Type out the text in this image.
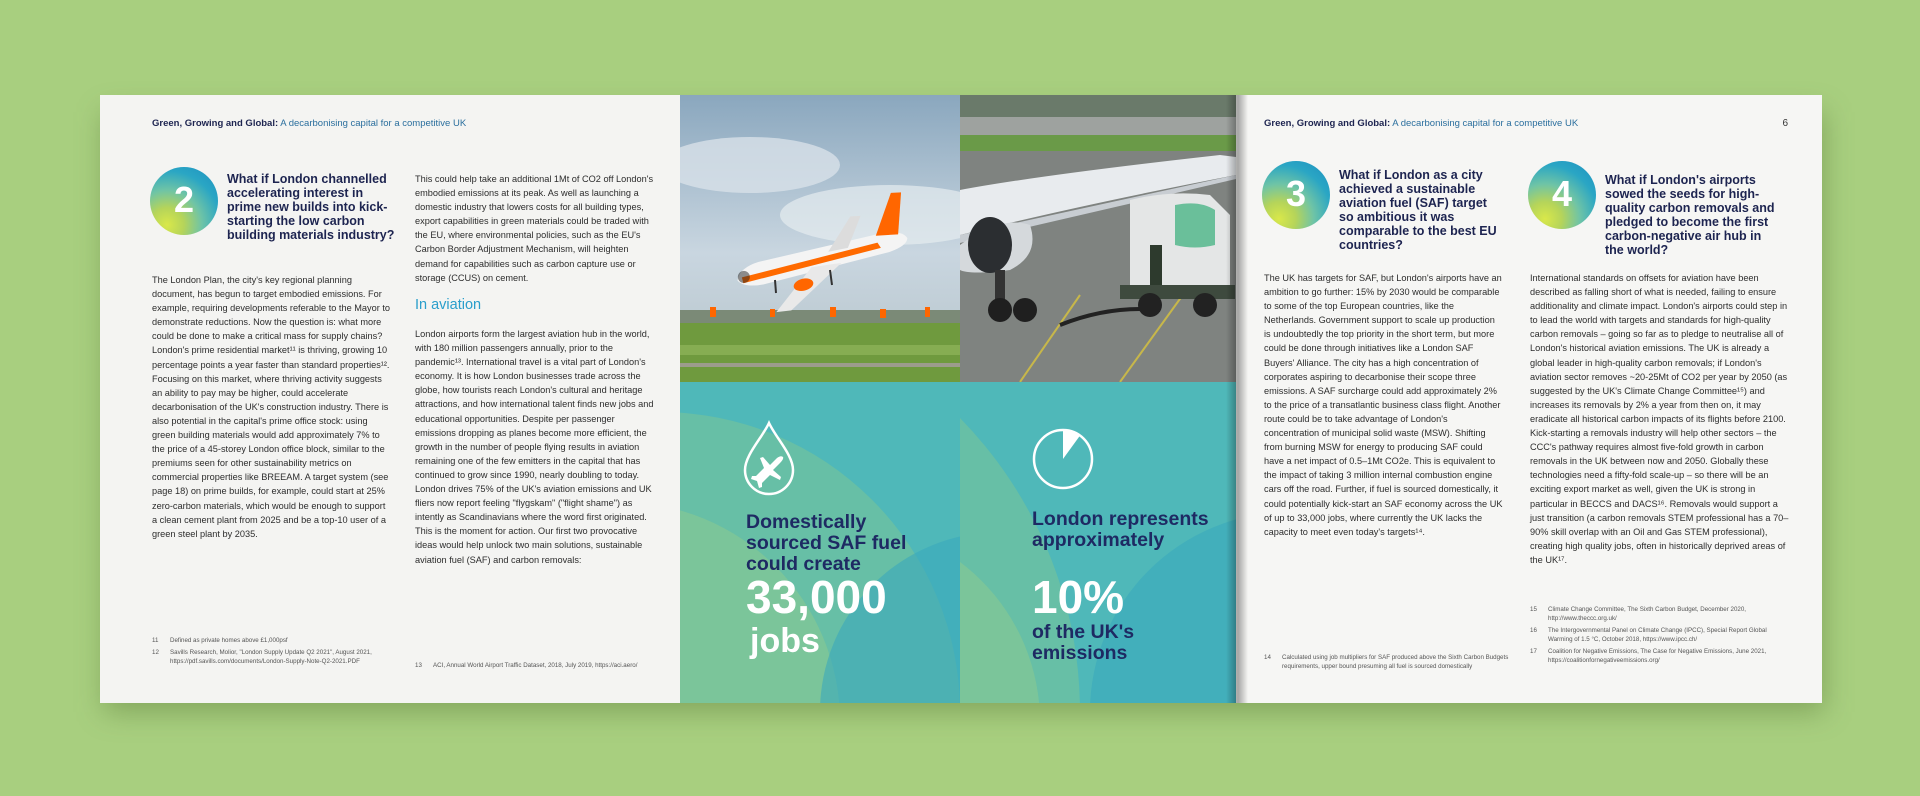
Green, Growing and Global: A decarbonising capital for a competitive UK
2	What if London channelled accelerating interest in prime new builds into kick-starting the low carbon building materials industry?

The London Plan, the city's key regional planning document, has begun to target embodied emissions. For example, requiring developments referable to the Mayor to demonstrate reductions. Now the question is: what more could be done to make a critical mass for supply chains? London's prime residential market¹¹ is thriving, growing 10 percentage points a year faster than standard properties¹². Focusing on this market, where thriving activity suggests an ability to pay may be higher, could accelerate decarbonisation of the UK's construction industry. There is also potential in the capital's prime office stock: using green building materials would add approximately 7% to the price of a 45-storey London office block, similar to the premiums seen for other sustainability metrics on commercial properties like BREEAM. A target system (see page 18) on prime builds, for example, could start at 25% zero-carbon materials, which would be enough to support a clean cement plant from 2025 and be a top-10 user of a green steel plant by 2035.

This could help take an additional 1Mt of CO2 off London's embodied emissions at its peak. As well as launching a domestic industry that lowers costs for all building types, export capabilities in green materials could be traded with the EU, where environmental policies, such as the EU's Carbon Border Adjustment Mechanism, will heighten demand for capabilities such as carbon capture use or storage (CCUS) on cement.

In aviation

London airports form the largest aviation hub in the world, with 180 million passengers annually, prior to the pandemic¹³. International travel is a vital part of London's economy. It is how London businesses trade across the globe, how tourists reach London's cultural and heritage attractions, and how international talent finds new jobs and educational opportunities. Despite per passenger emissions dropping as planes become more efficient, the growth in the number of people flying results in aviation remaining one of the few emitters in the capital that has continued to grow since 1990, nearly doubling to today. London drives 75% of the UK's aviation emissions and UK fliers now report feeling "flygskam" ("flight shame") as intently as Scandinavians where the word first originated. This is the moment for action. Our first two provocative ideas would help unlock two main solutions, sustainable aviation fuel (SAF) and carbon removals:

11	Defined as private homes above £1,000psf
12	Savills Research, Molior, "London Supply Update Q2 2021", August 2021, https://pdf.savills.com/documents/London-Supply-Note-Q2-2021.PDF
13	ACI, Annual World Airport Traffic Dataset, 2018, July 2019, https://aci.aero/
Domestically sourced SAF fuel could create
33,000
jobs
London represents approximately
10%
of the UK's emissions
Green, Growing and Global: A decarbonising capital for a competitive UK	6
3	What if London as a city achieved a sustainable aviation fuel (SAF) target so ambitious it was comparable to the best EU countries?

The UK has targets for SAF, but London's airports have an ambition to go further: 15% by 2030 would be comparable to some of the top European countries, like the Netherlands. Government support to scale up production is undoubtedly the top priority in the short term, but more could be done through initiatives like a London SAF Buyers' Alliance. The city has a high concentration of corporates aspiring to decarbonise their scope three emissions. A SAF surcharge could add approximately 2% to the price of a transatlantic business class flight. Another route could be to take advantage of London's concentration of municipal solid waste (MSW). Shifting from burning MSW for energy to producing SAF could have a net impact of 0.5–1Mt CO2e. This is equivalent to the impact of taking 3 million internal combustion engine cars off the road. Further, if fuel is sourced domestically, it could potentially kick-start an SAF economy across the UK of up to 33,000 jobs, where currently the UK lacks the capacity to meet even today's targets¹⁴.

4	What if London's airports sowed the seeds for high-quality carbon removals and pledged to become the first carbon-negative air hub in the world?

International standards on offsets for aviation have been described as falling short of what is needed, failing to ensure additionality and climate impact. London's airports could step in to lead the world with targets and standards for high-quality carbon removals – going so far as to pledge to neutralise all of London's historical aviation emissions. The UK is already a global leader in high-quality carbon removals; if London's aviation sector removes ~20-25Mt of CO2 per year by 2050 (as suggested by the UK's Climate Change Committee¹⁵) and increases its removals by 2% a year from then on, it may eradicate all historical carbon impacts of its flights before 2100. Kick-starting a removals industry will help other sectors – the CCC's pathway requires almost five-fold growth in carbon removals in the UK between now and 2050. Globally these technologies need a fifty-fold scale-up – so there will be an exciting export market as well, given the UK is strong in particular in BECCS and DACS¹⁶. Removals would support a just transition (a carbon removals STEM professional has a 70–90% skill overlap with an Oil and Gas STEM professional), creating high quality jobs, often in historically deprived areas of the UK¹⁷.

14	Calculated using job multipliers for SAF produced above the Sixth Carbon Budgets requirements, upper bound presuming all fuel is sourced domestically
15	Climate Change Committee, The Sixth Carbon Budget, December 2020, http://www.theccc.org.uk/
16	The Intergovernmental Panel on Climate Change (IPCC), Special Report Global Warming of 1.5 °C, October 2018, https://www.ipcc.ch/
17	Coalition for Negative Emissions, The Case for Negative Emissions, June 2021, https://coalitionfornegativeemissions.org/
